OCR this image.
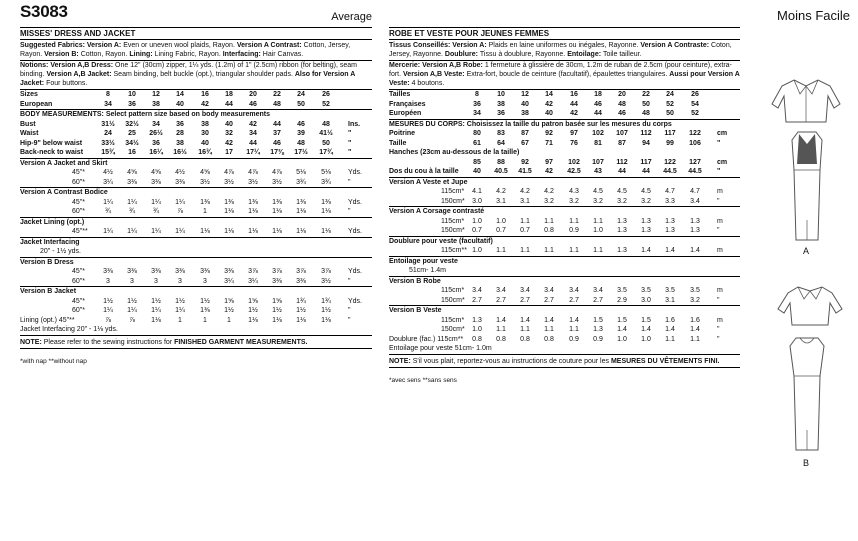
S3083	Average
MISSES' DRESS AND JACKET
Suggested Fabrics: Version A: Even or uneven wool plaids, Rayon. Version A Contrast: Cotton, Jersey, Rayon. Version B: Cotton, Rayon. Lining: Lining Fabric, Rayon. Interfacing: Hair Canvas.
Notions: Version A,B Dress: One 12" (30cm) zipper, 1¼ yds. (1.2m) of 1" (2.5cm) ribbon (for belting), seam binding. Version A,B Jacket: Seam binding, belt buckle (opt.), triangular shoulder pads. Also for Version A Jacket: Four buttons.
Sizes	8	10	12	14	16	18	20	22	24	26
European	34	36	38	40	42	44	46	48	50	52
BODY MEASUREMENTS: Select pattern size based on body measurements
Bust	31½	32½	34	36	38	40	42	44	46	48	Ins.
Waist	24	25	26½	28	30	32	34	37	39	41½	"
Hip-9" below waist	33½	34½	36	38	40	42	44	46	48	50	"
Back-neck to waist	15¾	16	16¼	16½	16¾	17	17¼	17⅜	17½	17¾	"
Version A Jacket and Skirt
45"*	4½	4⅝	4⅝	4½	4⅝	4⅞	4⅞	4⅞	5⅛	5⅛	Yds.
60"*	3¼	3⅜	3⅜	3⅜	3½	3½	3½	3½	3¾	3¾	"
Version A Contrast Bodice
45"*	1¼	1¼	1¼	1¼	1⅜	1⅜	1⅜	1⅜	1⅜	1⅜	Yds.
60"*	¾	¾	¾	⅞	1	1⅛	1⅛	1⅛	1⅛	1⅛	"
Jacket Lining (opt.)
45"**	1¼	1¼	1¼	1¼	1⅛	1⅛	1⅛	1⅛	1⅛	1⅛	Yds.
Jacket Interfacing
20" - 1½ yds.
Version B Dress
45"*	3⅜	3⅜	3⅜	3⅜	3⅜	3⅜	3⅞	3⅞	3⅞	3⅞	Yds.
60"*	3	3	3	3	3	3¼	3¼	3⅜	3⅜	3½	"
Version B Jacket
45"*	1½	1½	1½	1½	1½	1⅝	1⅝	1⅝	1¾	1¾	Yds.
60"*	1¼	1¼	1¼	1¼	1⅜	1½	1½	1½	1½	1½	"
Lining (opt.) 45"**	⅞	⅞	1⅛	1	1	1	1⅛	1⅛	1⅛	1⅛	"
Jacket Interfacing 20" - 1⅛ yds.
NOTE: Please refer to the sewing instructions for FINISHED GARMENT MEASUREMENTS.
*with nap **without nap
Moins Facile
ROBE ET VESTE POUR JEUNES FEMMES
Tissus Conseillés: Version A: Plaids en laine uniformes ou inégales, Rayonne. Version A Contraste: Coton, Jersey, Rayonne. Doublure: Tissu à doublure, Rayonne. Entoilage: Toile tailleur.
Mercerie: Version A,B Robe: 1 fermeture à glissière de 30cm, 1.2m de ruban de 2.5cm (pour ceinture), extra-fort. Version A,B Veste: Extra-fort, boucle de ceinture (facultatif), épaulettes triangulaires. Aussi pour Version A Veste: 4 boutons.
Tailles	8	10	12	14	16	18	20	22	24	26
Françaises	36	38	40	42	44	46	48	50	52	54
Européen	34	36	38	40	42	44	46	48	50	52
MESURES DU CORPS: Choisissez la taille du patron basée sur les mesures du corps
Poitrine	80	83	87	92	97	102	107	112	117	122	cm
Taille	61	64	67	71	76	81	87	94	99	106	"
Hanches (23cm au-dessous de la taille)
85	88	92	97	102	107	112	117	122	127	cm
Dos du cou à la taille	40	40.5	41.5	42	42.5	43	44	44	44.5	44.5	"
Version A Veste et Jupe
115cm*	4.1	4.2	4.2	4.2	4.3	4.5	4.5	4.5	4.7	4.7	m
150cm*	3.0	3.1	3.1	3.2	3.2	3.2	3.2	3.2	3.3	3.4	"
Version A Corsage contrasté
115cm*	1.0	1.0	1.1	1.1	1.1	1.1	1.3	1.3	1.3	1.3	m
150cm*	0.7	0.7	0.7	0.8	0.9	1.0	1.3	1.3	1.3	1.3	"
Doublure pour veste (facultatif)
115cm** 1.0	1.1	1.1	1.1	1.1	1.1	1.3	1.4	1.4	1.4	m
Entoilage pour veste
51cm- 1.4m
Version B Robe
115cm*	3.4	3.4	3.4	3.4	3.4	3.4	3.5	3.5	3.5	3.5	m
150cm*	2.7	2.7	2.7	2.7	2.7	2.7	2.9	3.0	3.1	3.2	"
Version B Veste
115cm*	1.3	1.4	1.4	1.4	1.4	1.5	1.5	1.5	1.6	1.6	m
150cm*	1.0	1.1	1.1	1.1	1.1	1.3	1.4	1.4	1.4	1.4	"
Doublure (fac.) 115cm**	0.8	0.8	0.8	0.8	0.9	0.9	1.0	1.0	1.1	1.1	"
Entoilage pour veste 51cm- 1.0m
NOTE: S'il vous plait, reportez-vous au instructions de couture pour les MESURES DU VÊTEMENTS FINI.
*avec sens **sans sens
A
B
